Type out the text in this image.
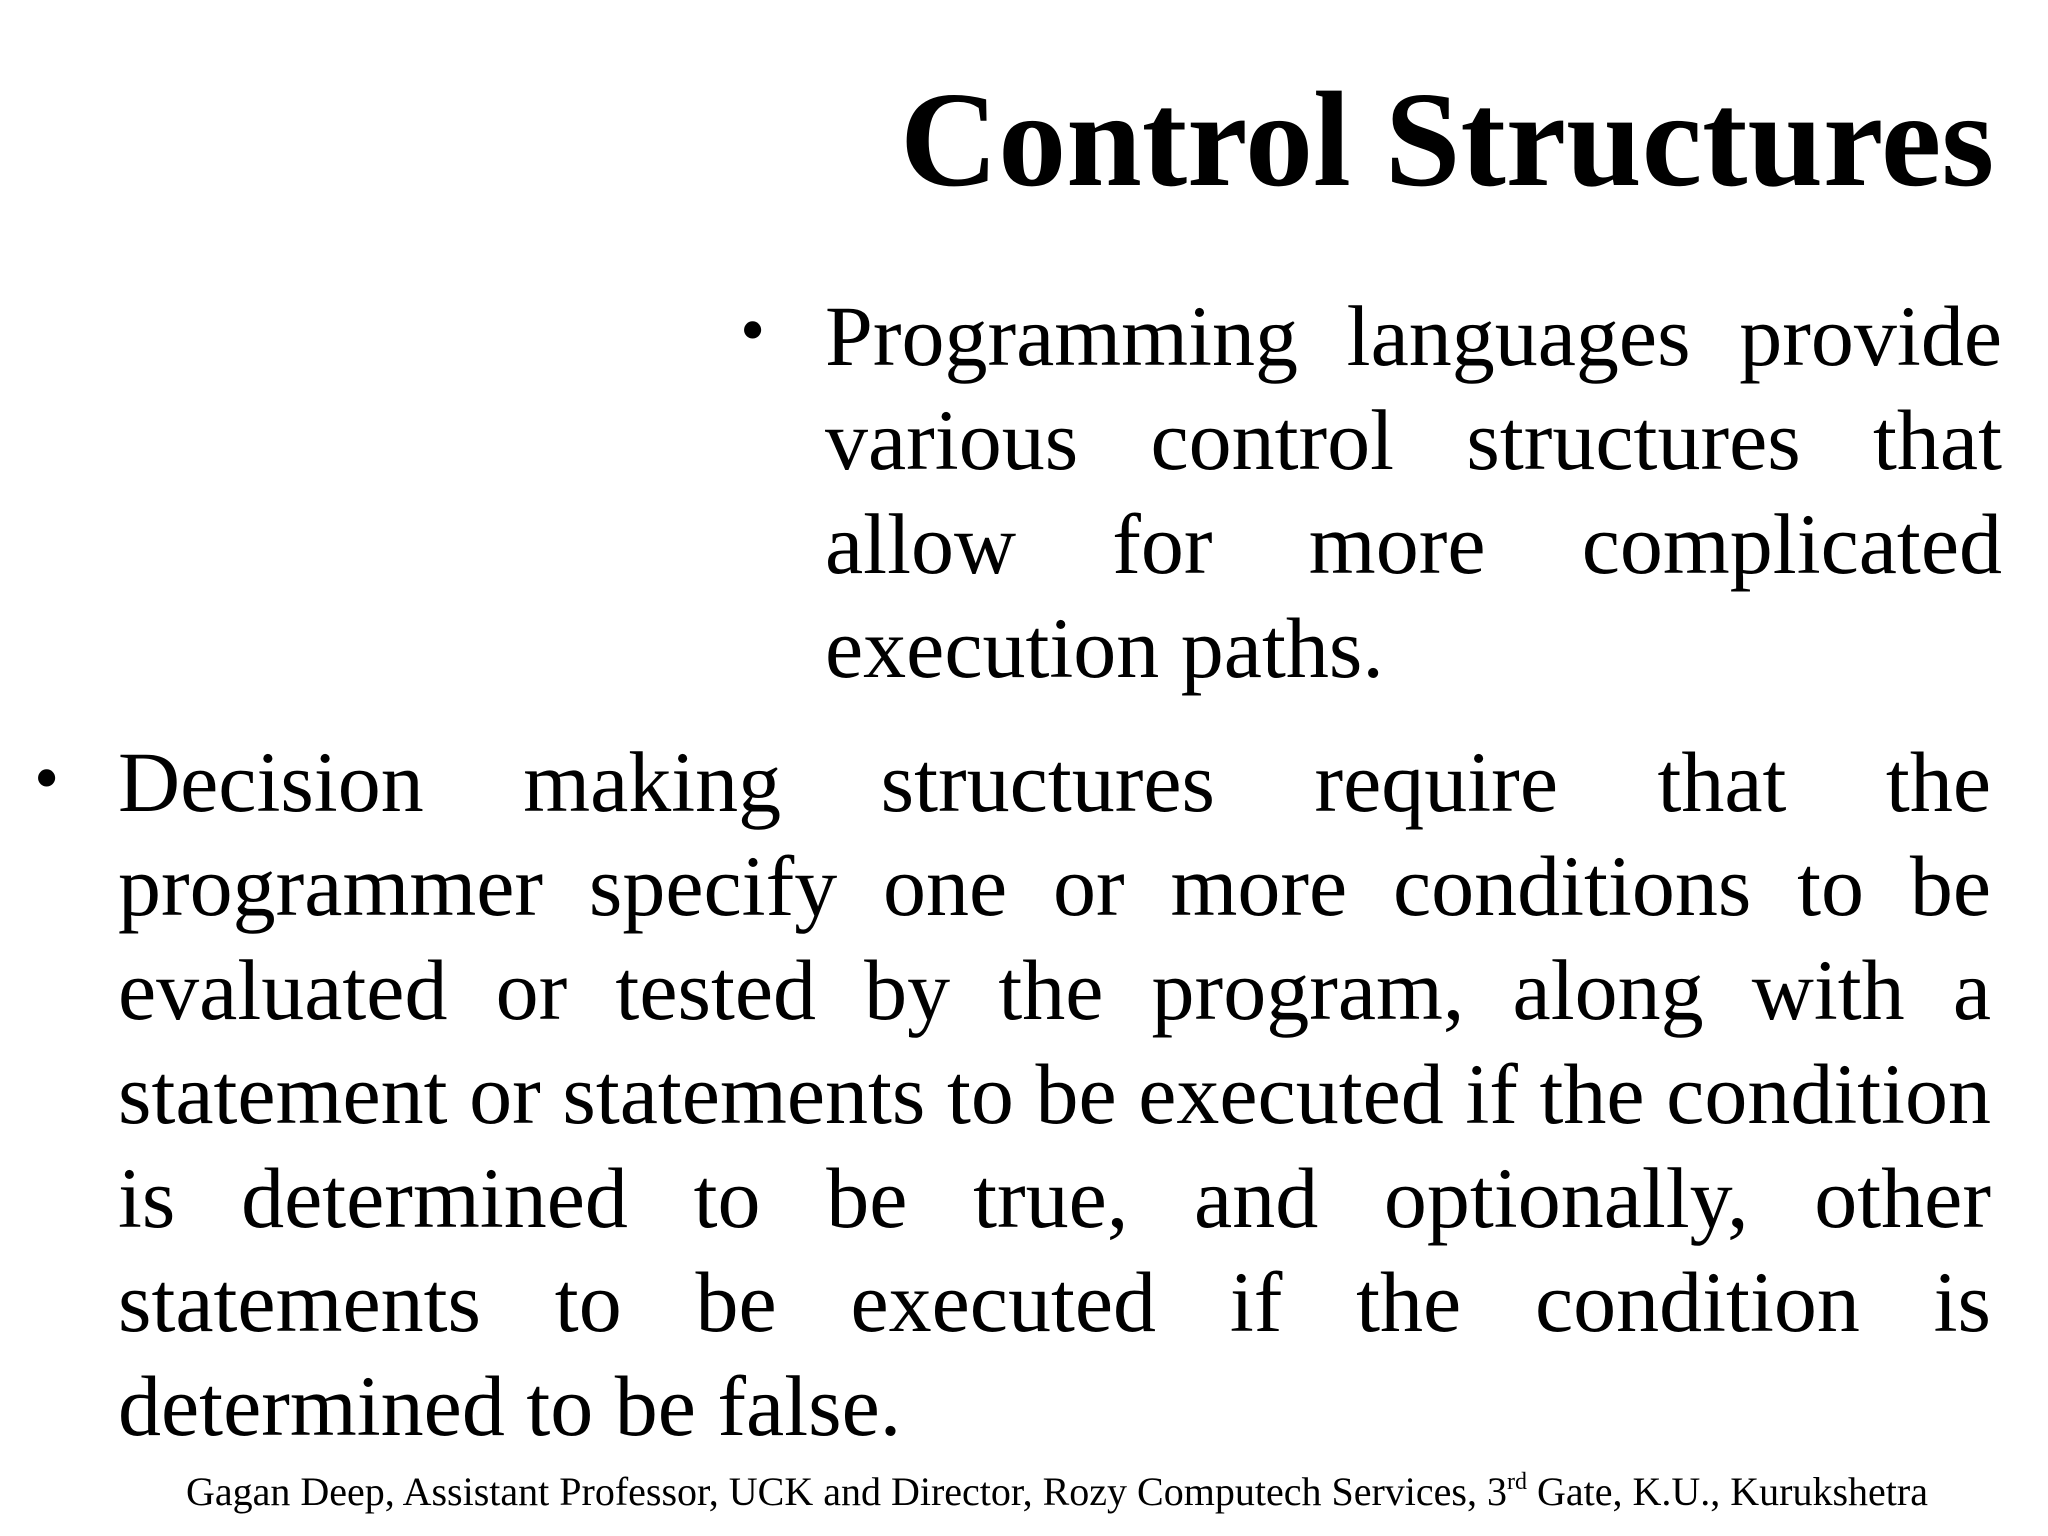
Control Structures
• Programming languages provide various control structures that allow for more complicated execution paths.

• Decision making structures require that the programmer specify one or more conditions to be evaluated or tested by the program, along with a statement or statements to be executed if the condition is determined to be true, and optionally, other statements to be executed if the condition is determined to be false.

Gagan Deep, Assistant Professor, UCK and Director, Rozy Computech Services, 3rd Gate, K.U., Kurukshetra
